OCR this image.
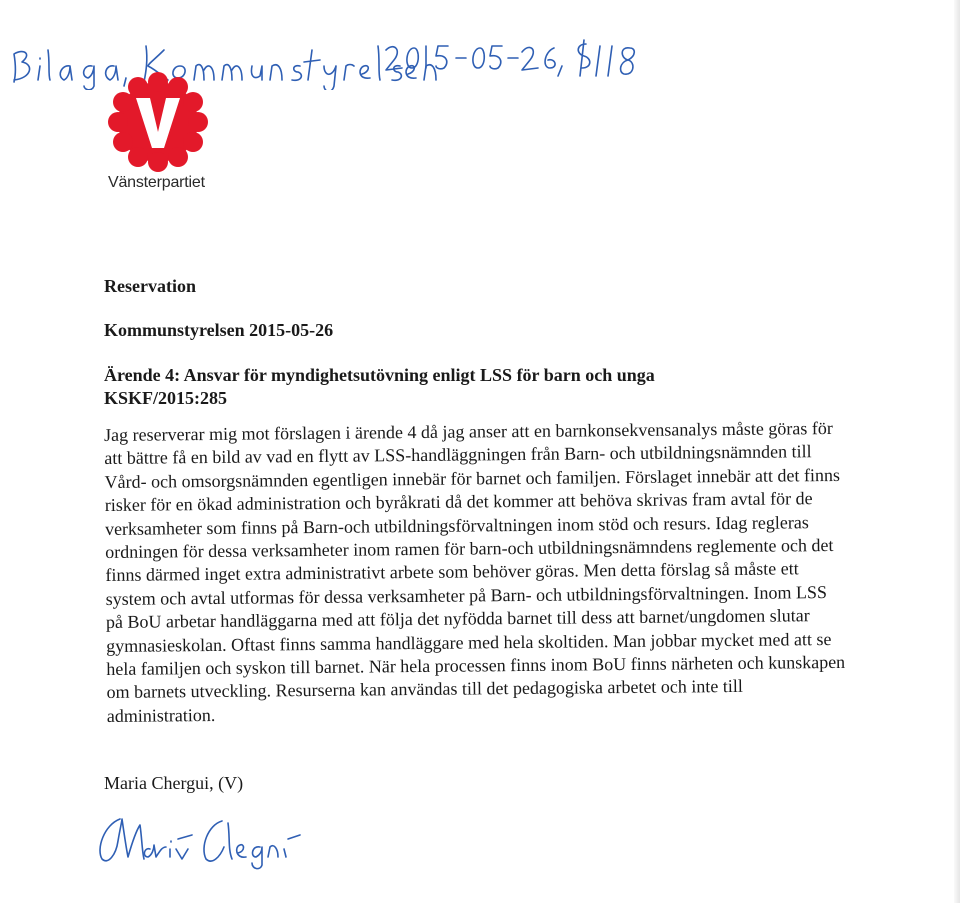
Vänsterpartiet
Reservation
Kommunstyrelsen 2015-05-26
Ärende 4: Ansvar för myndighetsutövning enligt LSS för barn och unga
KSKF/2015:285

Jag reserverar mig mot förslagen i ärende 4 då jag anser att en barnkonsekvensanalys måste göras för att bättre få en bild av vad en flytt av LSS-handläggningen från Barn- och utbildningsnämnden till Vård- och omsorgsnämnden egentligen innebär för barnet och familjen. Förslaget innebär att det finns risker för en ökad administration och byråkrati då det kommer att behöva skrivas fram avtal för de verksamheter som finns på Barn-och utbildningsförvaltningen inom stöd och resurs. Idag regleras ordningen för dessa verksamheter inom ramen för barn-och utbildningsnämndens reglemente och det finns därmed inget extra administrativt arbete som behöver göras. Men detta förslag så måste ett system och avtal utformas för dessa verksamheter på Barn- och utbildningsförvaltningen. Inom LSS på BoU arbetar handläggarna med att följa det nyfödda barnet till dess att barnet/ungdomen slutar gymnasieskolan. Oftast finns samma handläggare med hela skoltiden. Man jobbar mycket med att se hela familjen och syskon till barnet. När hela processen finns inom BoU finns närheten och kunskapen om barnets utveckling. Resurserna kan användas till det pedagogiska arbetet och inte till administration.

Maria Chergui, (V)
